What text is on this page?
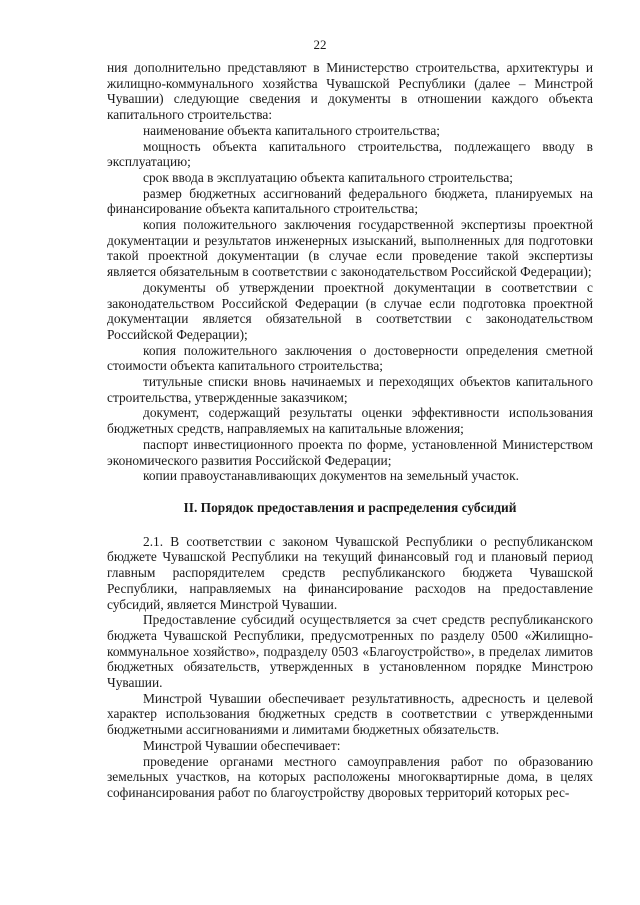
22

ния дополнительно представляют в Министерство строительства, архитектуры и жилищно-коммунального хозяйства Чувашской Республики (далее – Минстрой Чувашии) следующие сведения и документы в отношении каждого объекта капитального строительства:

наименование объекта капитального строительства;

мощность объекта капитального строительства, подлежащего вводу в эксплуатацию;

срок ввода в эксплуатацию объекта капитального строительства;

размер бюджетных ассигнований федерального бюджета, планируемых на финансирование объекта капитального строительства;

копия положительного заключения государственной экспертизы проектной документации и результатов инженерных изысканий, выполненных для подготовки такой проектной документации (в случае если проведение такой экспертизы является обязательным в соответствии с законодательством Российской Федерации);

документы об утверждении проектной документации в соответствии с законодательством Российской Федерации (в случае если подготовка проектной документации является обязательной в соответствии с законодательством Российской Федерации);

копия положительного заключения о достоверности определения сметной стоимости объекта капитального строительства;

титульные списки вновь начинаемых и переходящих объектов капитального строительства, утвержденные заказчиком;

документ, содержащий результаты оценки эффективности использования бюджетных средств, направляемых на капитальные вложения;

паспорт инвестиционного проекта по форме, установленной Министерством экономического развития Российской Федерации;

копии правоустанавливающих документов на земельный участок.

II. Порядок предоставления и распределения субсидий

2.1. В соответствии с законом Чувашской Республики о республиканском бюджете Чувашской Республики на текущий финансовый год и плановый период главным распорядителем средств республиканского бюджета Чувашской Республики, направляемых на финансирование расходов на предоставление субсидий, является Минстрой Чувашии.

Предоставление субсидий осуществляется за счет средств республиканского бюджета Чувашской Республики, предусмотренных по разделу 0500 «Жилищно-коммунальное хозяйство», подразделу 0503 «Благоустройство», в пределах лимитов бюджетных обязательств, утвержденных в установленном порядке Минстрою Чувашии.

Минстрой Чувашии обеспечивает результативность, адресность и целевой характер использования бюджетных средств в соответствии с утвержденными бюджетными ассигнованиями и лимитами бюджетных обязательств.

Минстрой Чувашии обеспечивает:

проведение органами местного самоуправления работ по образованию земельных участков, на которых расположены многоквартирные дома, в целях софинансирования работ по благоустройству дворовых территорий которых рес-
